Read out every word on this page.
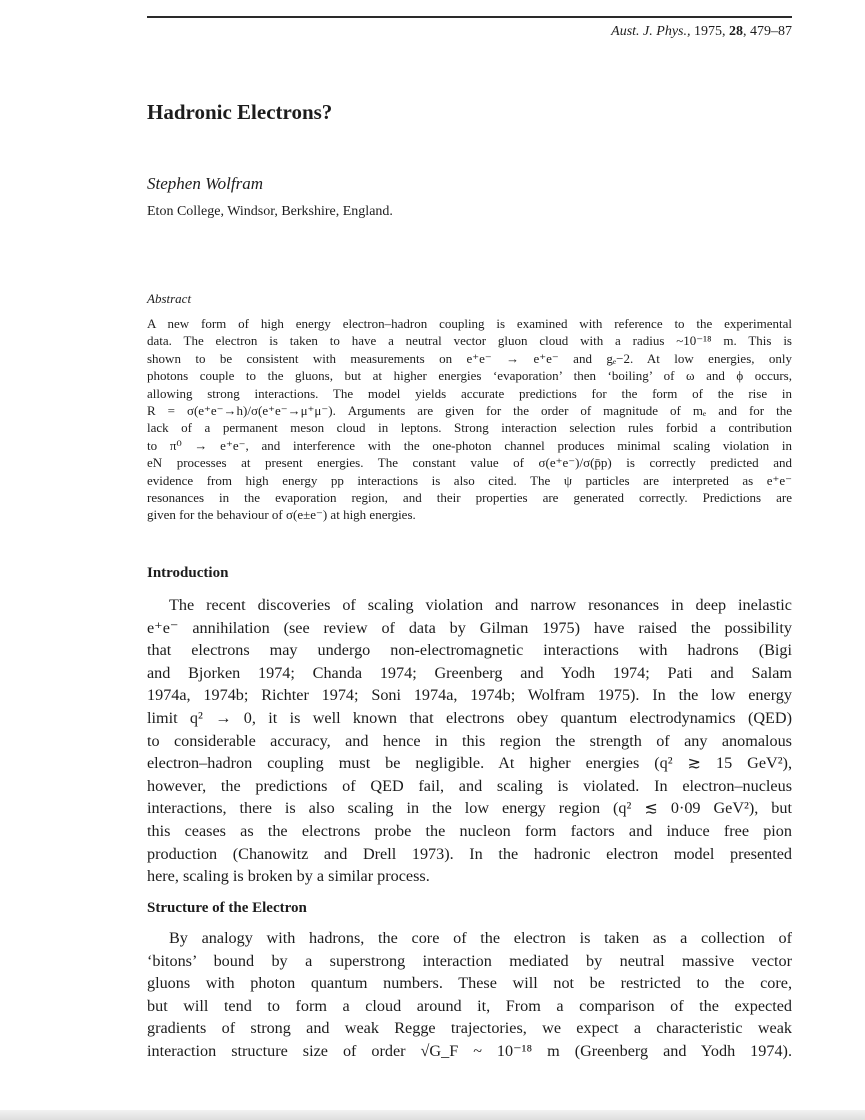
Aust. J. Phys., 1975, 28, 479–87
Hadronic Electrons?
Stephen Wolfram
Eton College, Windsor, Berkshire, England.
Abstract
A new form of high energy electron–hadron coupling is examined with reference to the experimental
data. The electron is taken to have a neutral vector gluon cloud with a radius ~10⁻¹⁸ m. This is
shown to be consistent with measurements on e⁺e⁻ → e⁺e⁻ and gₑ−2. At low energies, only
photons couple to the gluons, but at higher energies ‘evaporation’ then ‘boiling’ of ω and ϕ occurs,
allowing strong interactions. The model yields accurate predictions for the form of the rise in
R = σ(e⁺e⁻→h)/σ(e⁺e⁻→μ⁺μ⁻). Arguments are given for the order of magnitude of mₑ and for the
lack of a permanent meson cloud in leptons. Strong interaction selection rules forbid a contribution
to π⁰ → e⁺e⁻, and interference with the one-photon channel produces minimal scaling violation in
eN processes at present energies. The constant value of σ(e⁺e⁻)/σ(p̄p) is correctly predicted and
evidence from high energy pp interactions is also cited. The ψ particles are interpreted as e⁺e⁻
resonances in the evaporation region, and their properties are generated correctly. Predictions are
given for the behaviour of σ(e±e⁻) at high energies.
Introduction
The recent discoveries of scaling violation and narrow resonances in deep inelastic
e⁺e⁻ annihilation (see review of data by Gilman 1975) have raised the possibility
that electrons may undergo non-electromagnetic interactions with hadrons (Bigi
and Bjorken 1974; Chanda 1974; Greenberg and Yodh 1974; Pati and Salam
1974a, 1974b; Richter 1974; Soni 1974a, 1974b; Wolfram 1975). In the low energy
limit q² → 0, it is well known that electrons obey quantum electrodynamics (QED)
to considerable accuracy, and hence in this region the strength of any anomalous
electron–hadron coupling must be negligible. At higher energies (q² ≳ 15 GeV²),
however, the predictions of QED fail, and scaling is violated. In electron–nucleus
interactions, there is also scaling in the low energy region (q² ≲ 0·09 GeV²), but
this ceases as the electrons probe the nucleon form factors and induce free pion
production (Chanowitz and Drell 1973). In the hadronic electron model presented
here, scaling is broken by a similar process.
Structure of the Electron
By analogy with hadrons, the core of the electron is taken as a collection of
‘bitons’ bound by a superstrong interaction mediated by neutral massive vector
gluons with photon quantum numbers. These will not be restricted to the core,
but will tend to form a cloud around it, From a comparison of the expected
gradients of strong and weak Regge trajectories, we expect a characteristic weak
interaction structure size of order √G_F ~ 10⁻¹⁸ m (Greenberg and Yodh 1974).
